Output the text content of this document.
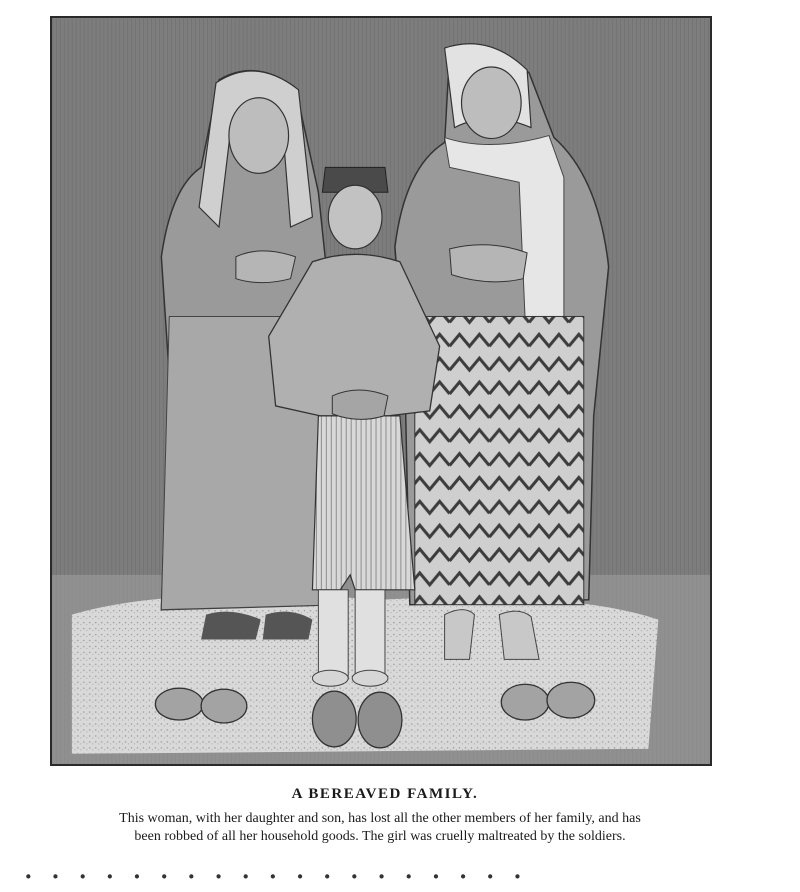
A BEREAVED FAMILY.
This woman, with her daughter and son, has lost all the other members of her family, and has
been robbed of all her household goods. The girl was cruelly maltreated by the soldiers.
· · · · · · · · · · · · · · · · · · ·
